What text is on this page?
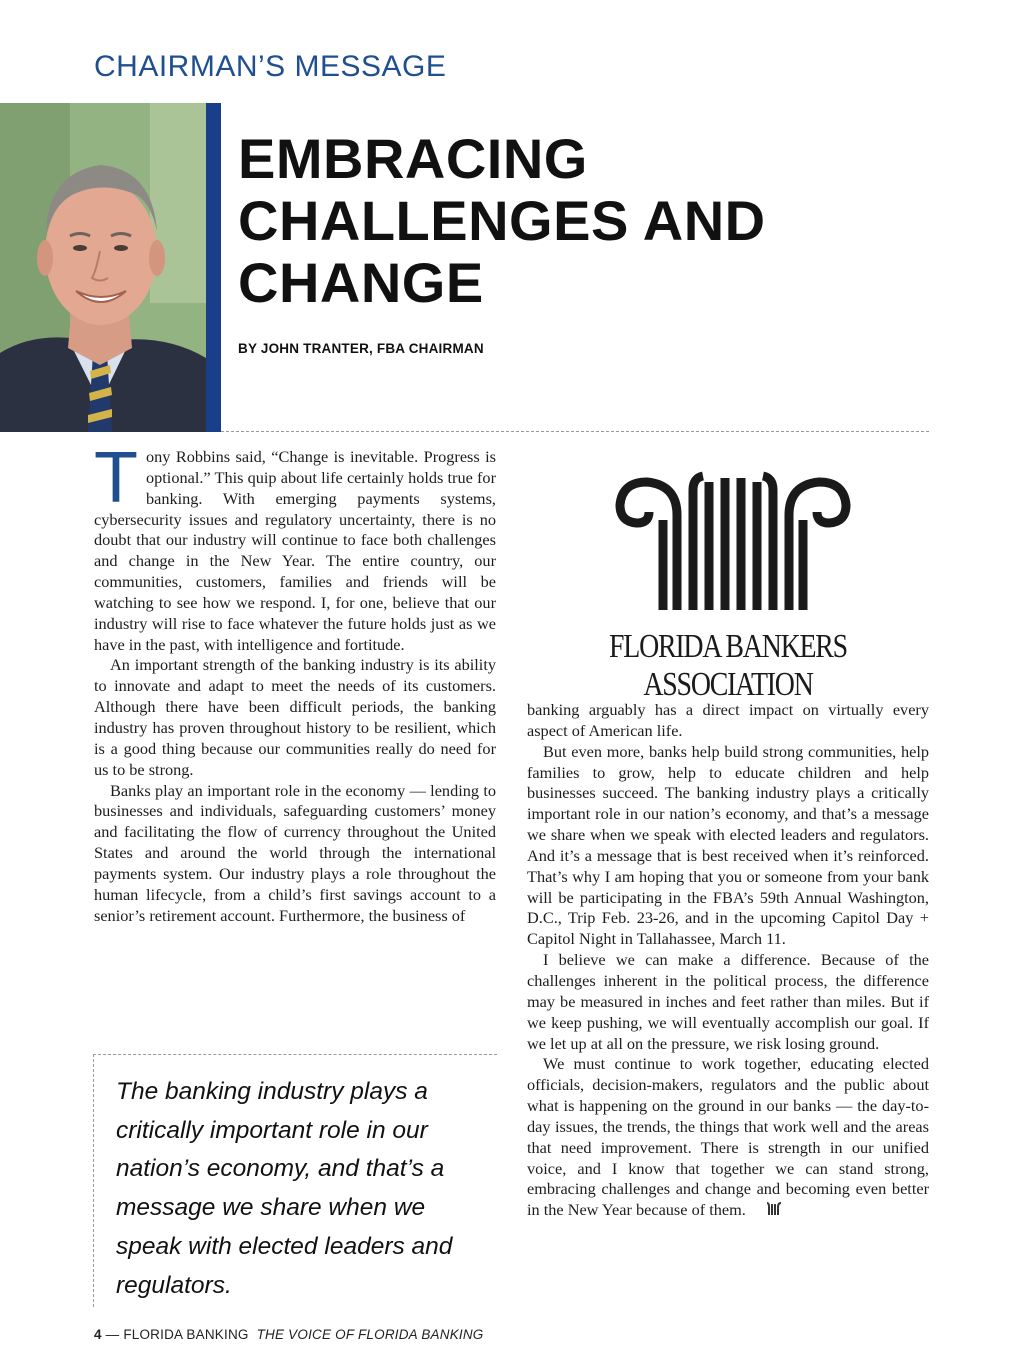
CHAIRMAN’S MESSAGE
EMBRACING
CHALLENGES AND
CHANGE
BY JOHN TRANTER, FBA CHAIRMAN

Tony Robbins said, “Change is inevitable. Progress is optional.” This quip about life certainly holds true for banking. With emerging payments systems, cybersecurity issues and regulatory uncertainty, there is no doubt that our industry will continue to face both challenges and change in the New Year. The entire country, our communities, customers, families and friends will be watching to see how we respond. I, for one, believe that our industry will rise to face whatever the future holds just as we have in the past, with intelligence and fortitude.

An important strength of the banking industry is its ability to innovate and adapt to meet the needs of its customers. Although there have been difficult periods, the banking industry has proven throughout history to be resilient, which is a good thing because our communities really do need for us to be strong.

Banks play an important role in the economy — lending to businesses and individuals, safeguarding customers’ money and facilitating the flow of currency throughout the United States and around the world through the international payments system. Our industry plays a role throughout the human lifecycle, from a child’s first savings account to a senior’s retirement account. Furthermore, the business of

FLORIDA BANKERS ASSOCIATION

banking arguably has a direct impact on virtually every aspect of American life.

But even more, banks help build strong communities, help families to grow, help to educate children and help businesses succeed. The banking industry plays a critically important role in our nation’s economy, and that’s a message we share when we speak with elected leaders and regulators. And it’s a message that is best received when it’s reinforced. That’s why I am hoping that you or someone from your bank will be participating in the FBA’s 59th Annual Washington, D.C., Trip Feb. 23-26, and in the upcoming Capitol Day + Capitol Night in Tallahassee, March 11.

I believe we can make a difference. Because of the challenges inherent in the political process, the difference may be measured in inches and feet rather than miles. But if we keep pushing, we will eventually accomplish our goal. If we let up at all on the pressure, we risk losing ground.

We must continue to work together, educating elected officials, decision-makers, regulators and the public about what is happening on the ground in our banks — the day-to-day issues, the trends, the things that work well and the areas that need improvement. There is strength in our unified voice, and I know that together we can stand strong, embracing challenges and change and becoming even better in the New Year because of them.

The banking industry plays a critically important role in our nation’s economy, and that’s a message we share when we speak with elected leaders and regulators.

4 — FLORIDA BANKING THE VOICE OF FLORIDA BANKING
